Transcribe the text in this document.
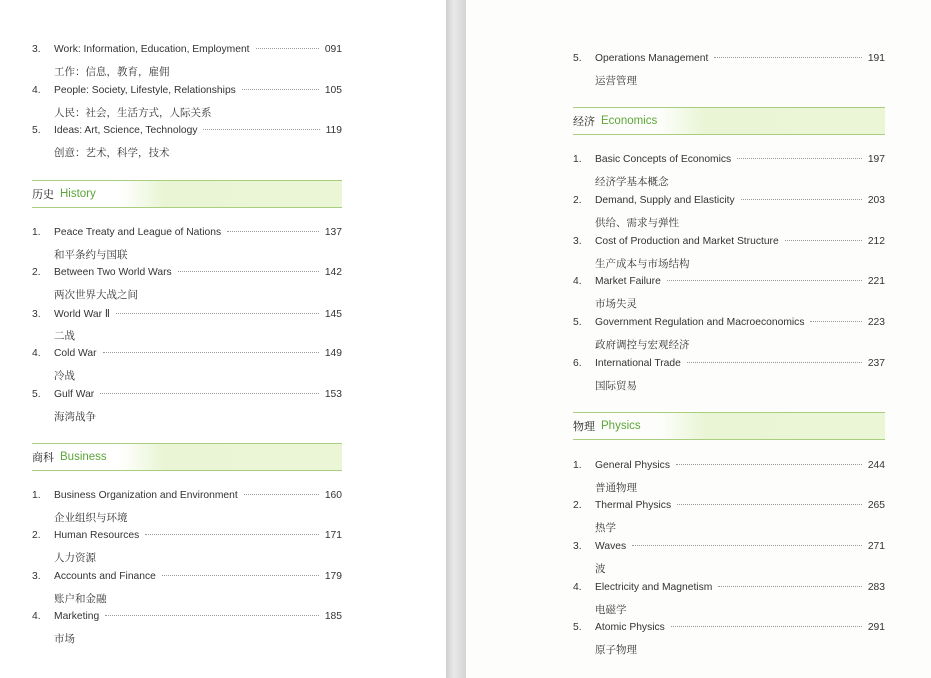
3.	Work: Information, Education, Employment	091
工作：信息，教育，雇佣
4.	People: Society, Lifestyle, Relationships	105
人民：社会，生活方式，人际关系
5.	Ideas: Art, Science, Technology	119
创意：艺术，科学，技术
历史 History
1.	Peace Treaty and League of Nations	137
和平条约与国联
2.	Between Two World Wars	142
两次世界大战之间
3.	World War Ⅱ	145
二战
4.	Cold War	149
冷战
5.	Gulf War	153
海湾战争
商科 Business
1.	Business Organization and Environment	160
企业组织与环境
2.	Human Resources	171
人力资源
3.	Accounts and Finance	179
账户和金融
4.	Marketing	185
市场
5.	Operations Management	191
运营管理
经济 Economics
1.	Basic Concepts of Economics	197
经济学基本概念
2.	Demand, Supply and Elasticity	203
供给、需求与弹性
3.	Cost of Production and Market Structure	212
生产成本与市场结构
4.	Market Failure	221
市场失灵
5.	Government Regulation and Macroeconomics	223
政府调控与宏观经济
6.	International Trade	237
国际贸易
物理 Physics
1.	General Physics	244
普通物理
2.	Thermal Physics	265
热学
3.	Waves	271
波
4.	Electricity and Magnetism	283
电磁学
5.	Atomic Physics	291
原子物理
